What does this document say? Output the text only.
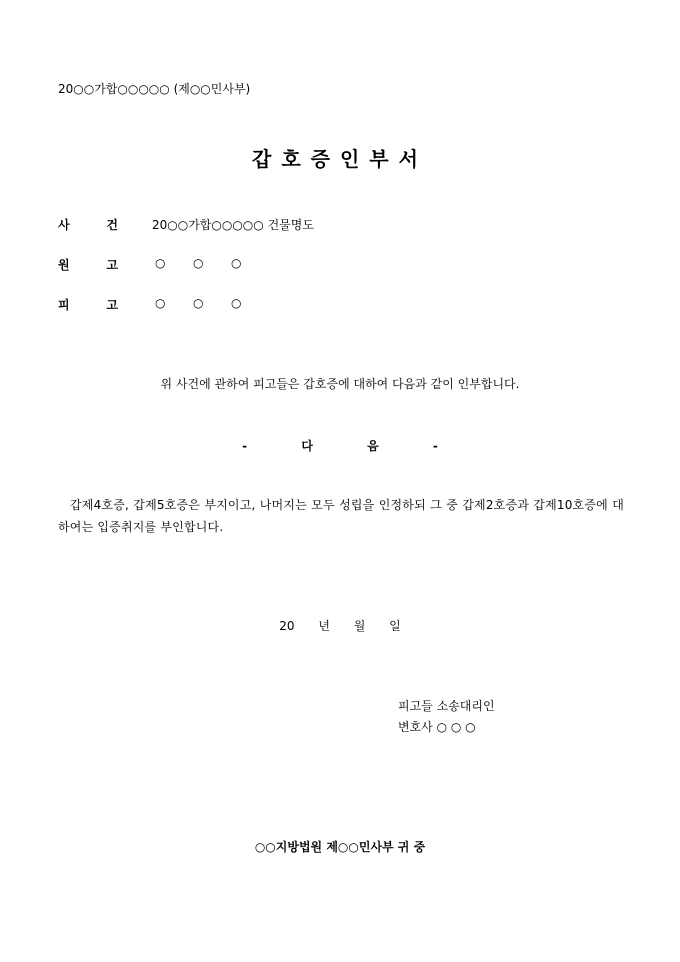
20○○가합○○○○○ (제○○민사부)
갑호증인부서
사	건	20○○가합○○○○○ 건물명도
원	고	○ ○ ○
피	고	○ ○ ○
위 사건에 관하여 피고들은 갑호증에 대하여 다음과 같이 인부합니다.
- 다 음 -
갑제4호증, 갑제5호증은 부지이고, 나머지는 모두 성립을 인정하되 그 중 갑제2호증과 갑제10호증에 대하여는 입증취지를 부인합니다.
20 년 월 일
피고들 소송대리인
변호사 ○ ○ ○
○○지방법원 제○○민사부 귀 중
